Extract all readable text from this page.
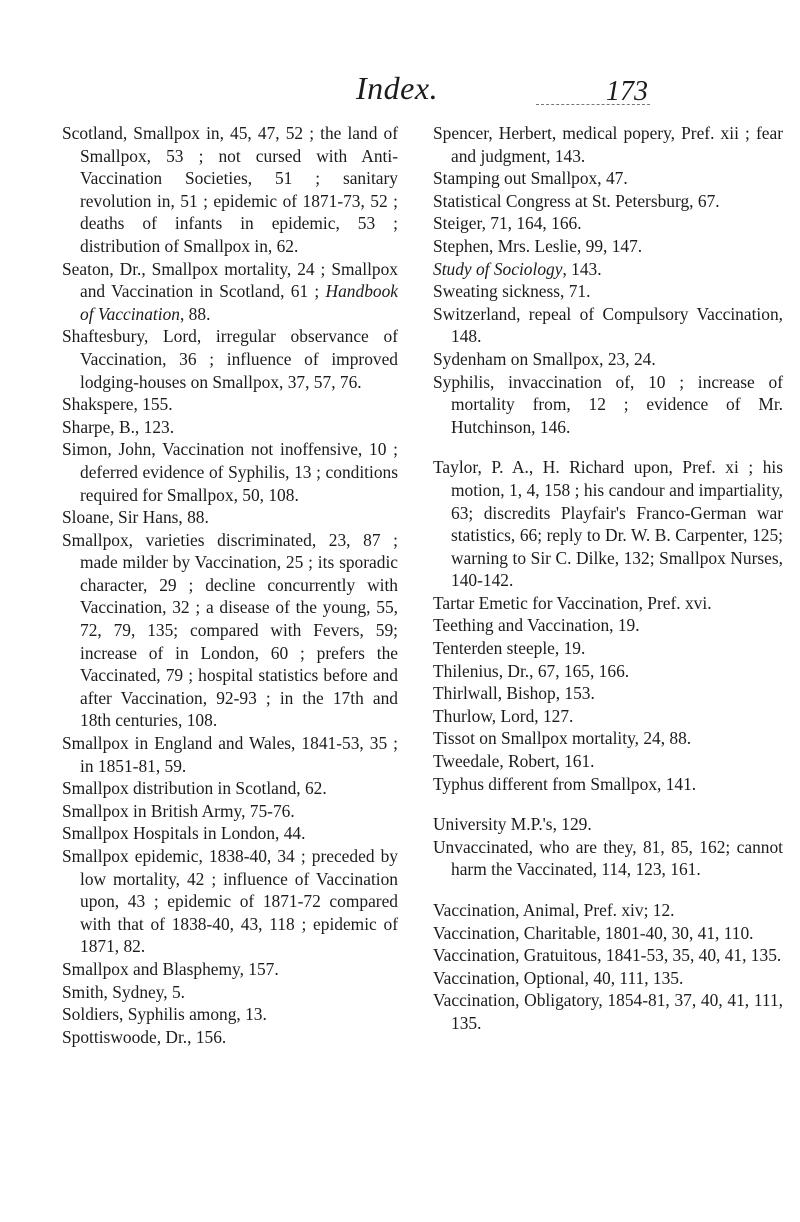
Index.	173

Scotland, Smallpox in, 45, 47, 52 ; the land of Smallpox, 53 ; not cursed with Anti-Vaccination Societies, 51 ; sanitary revolution in, 51 ; epidemic of 1871-73, 52 ; deaths of infants in epidemic, 53 ; distribution of Smallpox in, 62.

Seaton, Dr., Smallpox mortality, 24 ; Smallpox and Vaccination in Scotland, 61 ; Handbook of Vaccination, 88.

Shaftesbury, Lord, irregular observance of Vaccination, 36 ; influence of improved lodging-houses on Smallpox, 37, 57, 76.

Shakspere, 155.

Sharpe, B., 123.

Simon, John, Vaccination not inoffensive, 10 ; deferred evidence of Syphilis, 13 ; conditions required for Smallpox, 50, 108.

Sloane, Sir Hans, 88.

Smallpox, varieties discriminated, 23, 87 ; made milder by Vaccination, 25 ; its sporadic character, 29 ; decline concurrently with Vaccination, 32 ; a disease of the young, 55, 72, 79, 135; compared with Fevers, 59; increase of in London, 60 ; prefers the Vaccinated, 79 ; hospital statistics before and after Vaccination, 92-93 ; in the 17th and 18th centuries, 108.

Smallpox in England and Wales, 1841-53, 35 ; in 1851-81, 59.

Smallpox distribution in Scotland, 62.

Smallpox in British Army, 75-76.

Smallpox Hospitals in London, 44.

Smallpox epidemic, 1838-40, 34 ; preceded by low mortality, 42 ; influence of Vaccination upon, 43 ; epidemic of 1871-72 compared with that of 1838-40, 43, 118 ; epidemic of 1871, 82.

Smallpox and Blasphemy, 157.

Smith, Sydney, 5.

Soldiers, Syphilis among, 13.

Spottiswoode, Dr., 156.

Spencer, Herbert, medical popery, Pref. xii ; fear and judgment, 143.

Stamping out Smallpox, 47.

Statistical Congress at St. Petersburg, 67.

Steiger, 71, 164, 166.

Stephen, Mrs. Leslie, 99, 147.

Study of Sociology, 143.

Sweating sickness, 71.

Switzerland, repeal of Compulsory Vaccination, 148.

Sydenham on Smallpox, 23, 24.

Syphilis, invaccination of, 10 ; increase of mortality from, 12 ; evidence of Mr. Hutchinson, 146.

Taylor, P. A., H. Richard upon, Pref. xi ; his motion, 1, 4, 158 ; his candour and impartiality, 63; discredits Playfair's Franco-German war statistics, 66; reply to Dr. W. B. Carpenter, 125; warning to Sir C. Dilke, 132; Smallpox Nurses, 140-142.

Tartar Emetic for Vaccination, Pref. xvi.

Teething and Vaccination, 19.

Tenterden steeple, 19.

Thilenius, Dr., 67, 165, 166.

Thirlwall, Bishop, 153.

Thurlow, Lord, 127.

Tissot on Smallpox mortality, 24, 88.

Tweedale, Robert, 161.

Typhus different from Smallpox, 141.

University M.P.'s, 129.

Unvaccinated, who are they, 81, 85, 162; cannot harm the Vaccinated, 114, 123, 161.

Vaccination, Animal, Pref. xiv; 12.

Vaccination, Charitable, 1801-40, 30, 41, 110.

Vaccination, Gratuitous, 1841-53, 35, 40, 41, 135.

Vaccination, Optional, 40, 111, 135.

Vaccination, Obligatory, 1854-81, 37, 40, 41, 111, 135.
